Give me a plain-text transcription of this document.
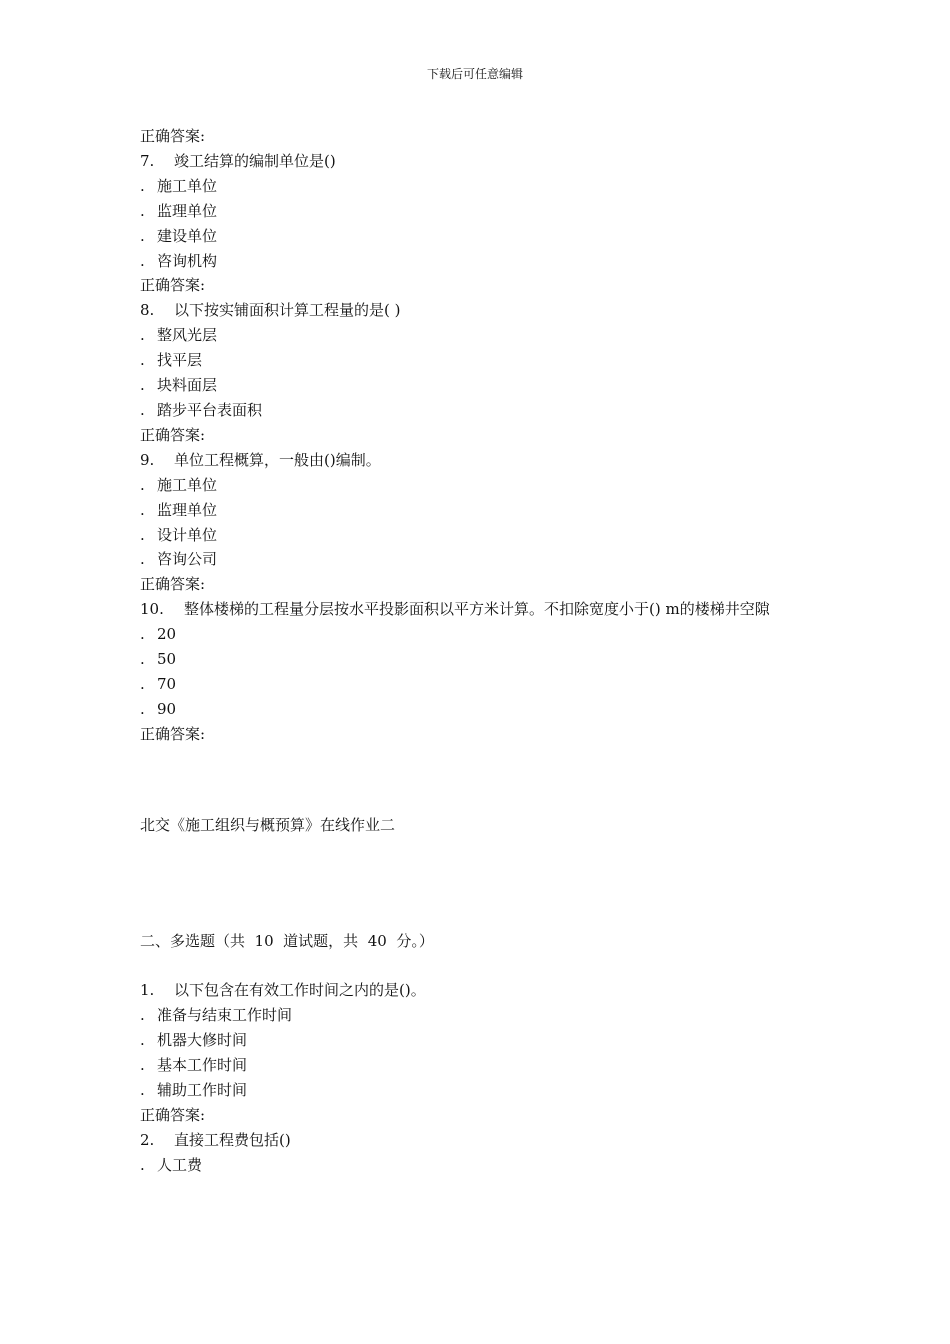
下载后可任意编辑
正确答案:
7. 竣工结算的编制单位是()
. 施工单位
. 监理单位
. 建设单位
. 咨询机构
正确答案:
8. 以下按实铺面积计算工程量的是( )
. 整风光层
. 找平层
. 块料面层
. 踏步平台表面积
正确答案:
9. 单位工程概算，一般由()编制。
. 施工单位
. 监理单位
. 设计单位
. 咨询公司
正确答案:
10. 整体楼梯的工程量分层按水平投影面积以平方米计算。不扣除宽度小于() m的楼梯井空隙
. 20
. 50
. 70
. 90
正确答案:
北交《施工组织与概预算》在线作业二
二、多选题（共  10  道试题，共  40  分。）
1. 以下包含在有效工作时间之内的是()。
. 准备与结束工作时间
. 机器大修时间
. 基本工作时间
. 辅助工作时间
正确答案:
2. 直接工程费包括()
. 人工费
